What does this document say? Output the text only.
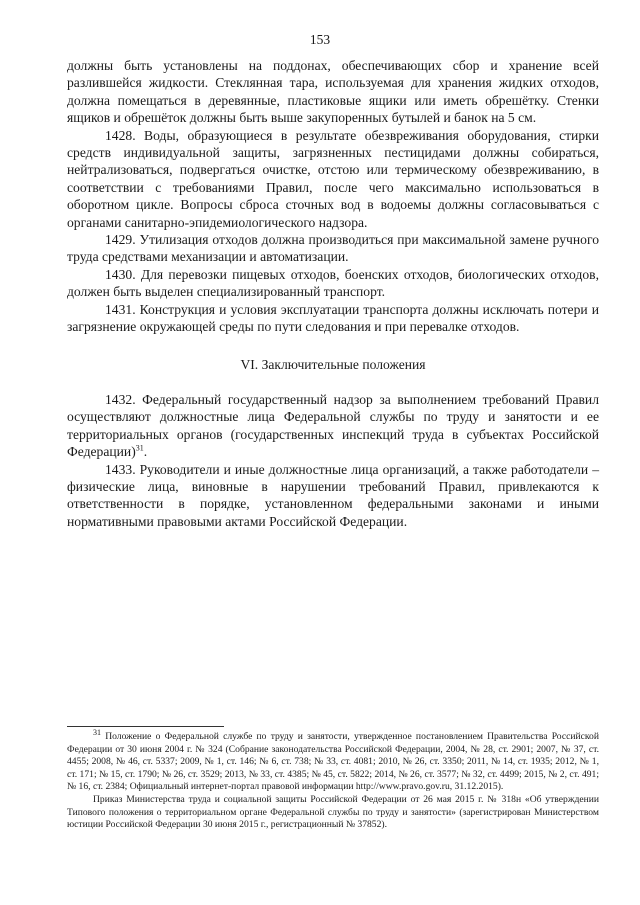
153

должны быть установлены на поддонах, обеспечивающих сбор и хранение всей разлившейся жидкости. Стеклянная тара, используемая для хранения жидких отходов, должна помещаться в деревянные, пластиковые ящики или иметь обрешётку. Стенки ящиков и обрешёток должны быть выше закупоренных бутылей и банок на 5 см.

1428. Воды, образующиеся в результате обезвреживания оборудования, стирки средств индивидуальной защиты, загрязненных пестицидами должны собираться, нейтрализоваться, подвергаться очистке, отстою или термическому обезвреживанию, в соответствии с требованиями Правил, после чего максимально использоваться в оборотном цикле. Вопросы сброса сточных вод в водоемы должны согласовываться с органами санитарно-эпидемиологического надзора.

1429. Утилизация отходов должна производиться при максимальной замене ручного труда средствами механизации и автоматизации.

1430. Для перевозки пищевых отходов, боенских отходов, биологических отходов, должен быть выделен специализированный транспорт.

1431. Конструкция и условия эксплуатации транспорта должны исключать потери и загрязнение окружающей среды по пути следования и при перевалке отходов.

VI. Заключительные положения

1432. Федеральный государственный надзор за выполнением требований Правил осуществляют должностные лица Федеральной службы по труду и занятости и ее территориальных органов (государственных инспекций труда в субъектах Российской Федерации)$^{31}$.

1433. Руководители и иные должностные лица организаций, а также работодатели – физические лица, виновные в нарушении требований Правил, привлекаются к ответственности в порядке, установленном федеральными законами и иными нормативными правовыми актами Российской Федерации.

$^{31}$ Положение о Федеральной службе по труду и занятости, утвержденное постановлением Правительства Российской Федерации от 30 июня 2004 г. № 324 (Собрание законодательства Российской Федерации, 2004, № 28, ст. 2901; 2007, № 37, ст. 4455; 2008, № 46, ст. 5337; 2009, № 1, ст. 146; № 6, ст. 738; № 33, ст. 4081; 2010, № 26, ст. 3350; 2011, № 14, ст. 1935; 2012, № 1, ст. 171; № 15, ст. 1790; № 26, ст. 3529; 2013, № 33, ст. 4385; № 45, ст. 5822; 2014, № 26, ст. 3577; № 32, ст. 4499; 2015, № 2, ст. 491; № 16, ст. 2384; Официальный интернет-портал правовой информации http://www.pravo.gov.ru, 31.12.2015).

Приказ Министерства труда и социальной защиты Российской Федерации от 26 мая 2015 г. № 318н «Об утверждении Типового положения о территориальном органе Федеральной службы по труду и занятости» (зарегистрирован Министерством юстиции Российской Федерации 30 июня 2015 г., регистрационный № 37852).
